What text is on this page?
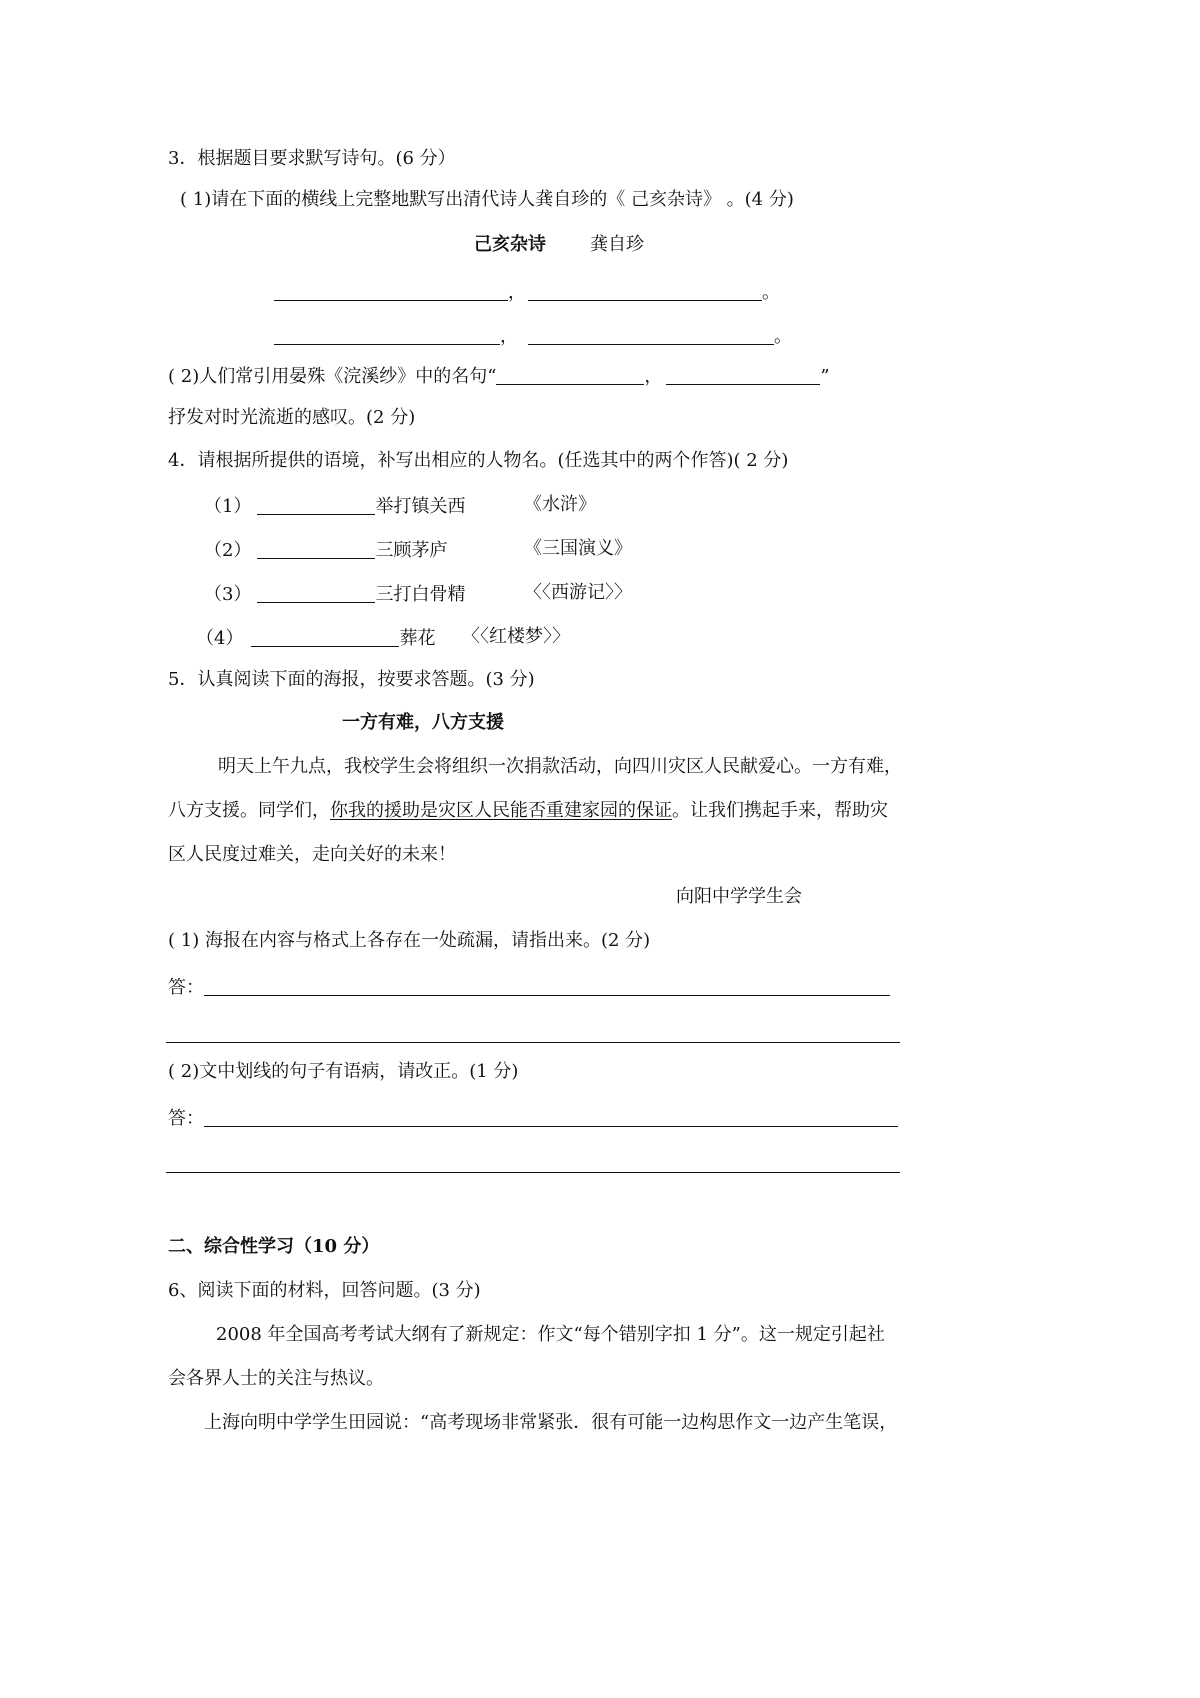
3．根据题目要求默写诗句。(6 分）
( 1)请在下面的横线上完整地默写出清代诗人龚自珍的《 己亥杂诗》 。(4 分)
己亥杂诗 龚自珍
，	。
，	。
( 2)人们常引用晏殊《浣溪纱》中的名句“	，	”
抒发对时光流逝的感叹。(2 分)
4．请根据所提供的语境，补写出相应的人物名。(任选其中的两个作答)( 2 分)
（1）	举打镇关西	《水浒》
（2）	三顾茅庐	《三国演义》
（3）	三打白骨精	〈〈西游记〉〉
（4）	葬花 〈〈红楼梦〉〉
5．认真阅读下面的海报，按要求答题。(3 分)
一方有难，八方支援
明天上午九点，我校学生会将组织一次捐款活动，向四川灾区人民献爱心。一方有难，
八方支援。同学们，你我的援助是灾区人民能否重建家园的保证。让我们携起手来，帮助灾
区人民度过难关，走向关好的未来！
向阳中学学生会
( 1) 海报在内容与格式上各存在一处疏漏，请指出来。(2 分)
答：
( 2)文中划线的句子有语病，请改正。(1 分)
答：
二、综合性学习（10 分）
6、阅读下面的材料，回答问题。(3 分)
2008 年全国高考考试大纲有了新规定：作文“每个错别字扣 1 分”。这一规定引起社
会各界人士的关注与热议。
上海向明中学学生田园说：“高考现场非常紧张．很有可能一边构思作文一边产生笔误，
